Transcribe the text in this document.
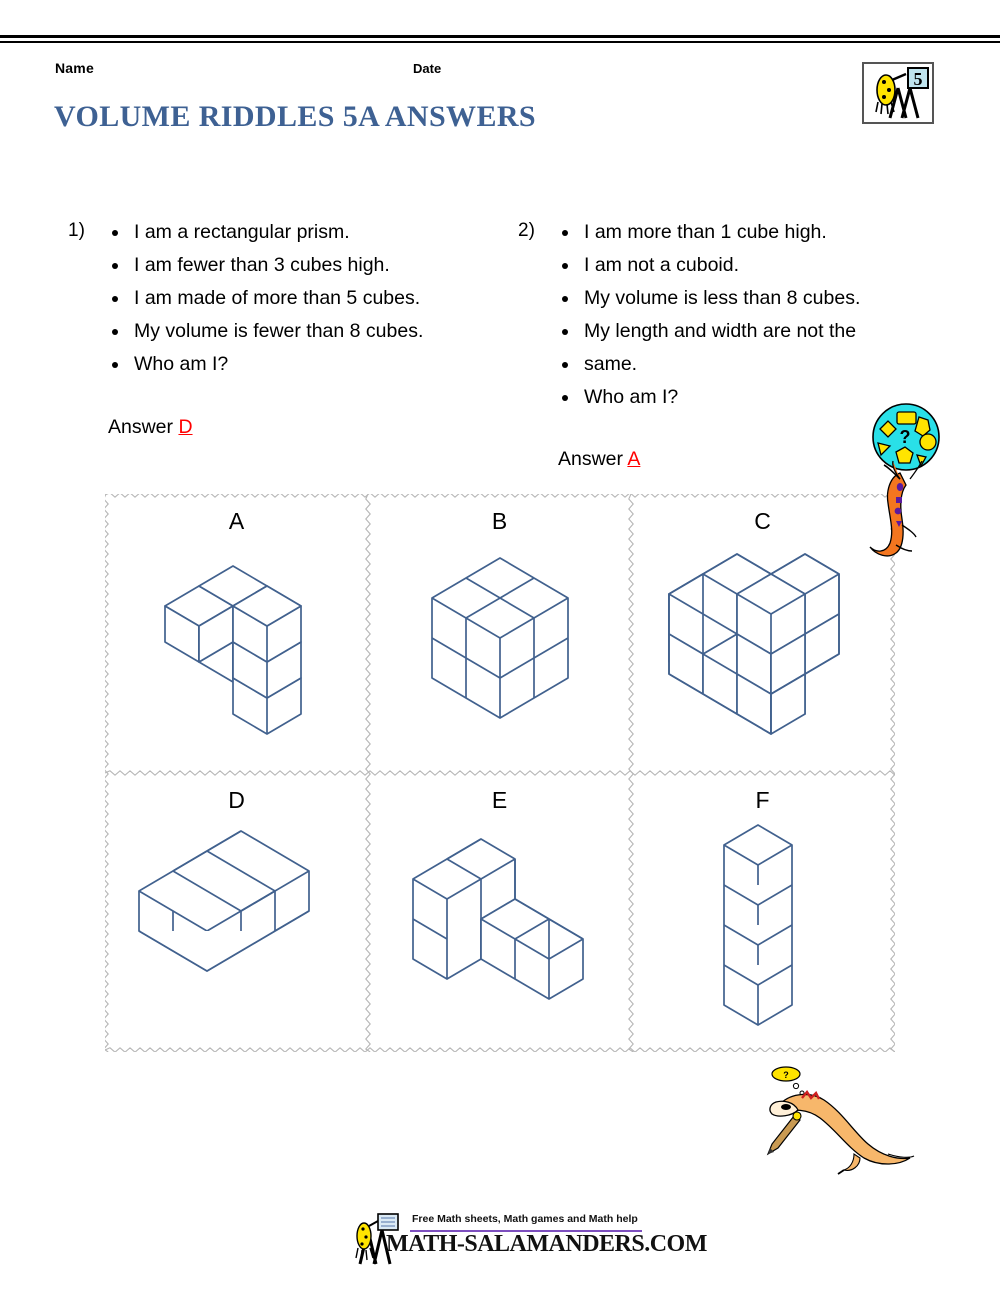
Name	Date
VOLUME RIDDLES 5A ANSWERS
5
1)	I am a rectangular prism.
I am fewer than 3 cubes high.
I am made of more than 5 cubes.
My volume is fewer than 8 cubes.
Who am I?
Answer D
2)	I am more than 1 cube high.
I am not a cuboid.
My volume is less than 8 cubes.
My length and width are not the
same.
Who am I?
Answer A
A	B	C
D	E	F
?
?
Free Math sheets, Math games and Math help
MATH-SALAMANDERS.COM
